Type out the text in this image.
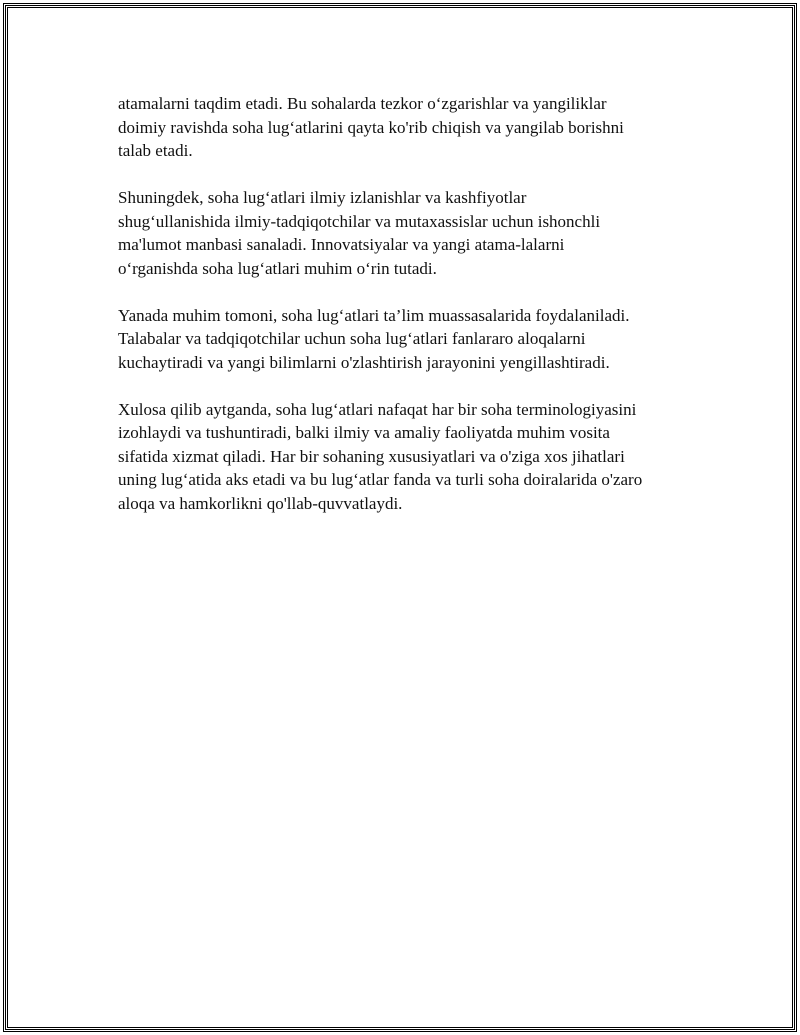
atamalarni taqdim etadi. Bu sohalarda tezkor o‘zgarishlar va yangiliklar
doimiy ravishda soha lug‘atlarini qayta ko'rib chiqish va yangilab borishni
talab etadi.

Shuningdek, soha lug‘atlari ilmiy izlanishlar va kashfiyotlar
shug‘ullanishida ilmiy-tadqiqotchilar va mutaxassislar uchun ishonchli
ma'lumot manbasi sanaladi. Innovatsiyalar va yangi atama-lalarni
o‘rganishda soha lug‘atlari muhim o‘rin tutadi.

Yanada muhim tomoni, soha lug‘atlari ta’lim muassasalarida foydalaniladi.
Talabalar va tadqiqotchilar uchun soha lug‘atlari fanlararo aloqalarni
kuchaytiradi va yangi bilimlarni o'zlashtirish jarayonini yengillashtiradi.

Xulosa qilib aytganda, soha lug‘atlari nafaqat har bir soha terminologiyasini
izohlaydi va tushuntiradi, balki ilmiy va amaliy faoliyatda muhim vosita
sifatida xizmat qiladi. Har bir sohaning xususiyatlari va o'ziga xos jihatlari
uning lug‘atida aks etadi va bu lug‘atlar fanda va turli soha doiralarida o'zaro
aloqa va hamkorlikni qo'llab-quvvatlaydi.
